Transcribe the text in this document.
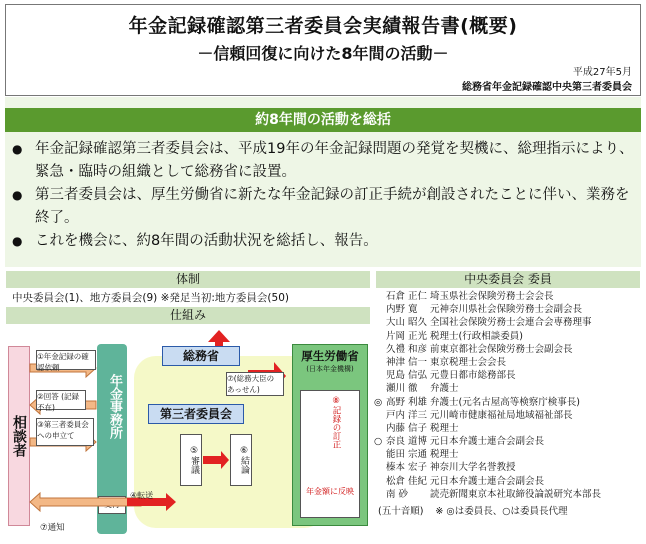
年金記録確認第三者委員会実績報告書(概要)
－信頼回復に向けた8年間の活動－
平成27年5月
総務省年金記録確認中央第三者委員会
約8年間の活動を総括
● 年金記録確認第三者委員会は、平成19年の年金記録問題の発覚を契機に、総理指示により、緊急・臨時の組織として総務省に設置。
● 第三者委員会は、厚生労働省に新たな年金記録の訂正手続が創設されたことに伴い、業務を終了。
● これを機会に、約8年間の活動状況を総括し、報告。
体制
中央委員会(1)、地方委員会(9) ※発足当初:地方委員会(50)
仕組み
中央委員会 委員
相談者	年金事務所
①年金記録の確認依頼
②回答 (記録不在)
③第三者委員会への申立て
⑦通知
④転送
総務省
⑦(総務大臣の あっせん)
第三者委員会
⑤審議	⑥結論
厚生労働省
(日本年金機構)
⑧記録の訂正
年金額に反映
石倉 正仁 埼玉県社会保険労務士会会長
内野 寛	元神奈川県社会保険労務士会副会長
大山 昭久 全国社会保険労務士会連合会専務理事
片岡 正光 税理士(行政相談委員)
久禮 和彦 前東京都社会保険労務士会副会長
神津 信一 東京税理士会会長
児島 信弘 元豊日都市総務部長
瀬川 徹	弁護士
◎ 高野 利雄 弁護士(元名古屋高等検察庁検事長)
戸内 洋三 元川崎市健康福祉局地域福祉部長
内藤 信子 税理士
○ 奈良 道博 元日本弁護士連合会副会長
能田 宗通 税理士
榛本 宏子 神奈川大学名誉教授
松倉 佳紀 元日本弁護士連合会副会長
南 砂	読売新聞東京本社取締役論説研究本部長
(五十音順) ※ ◎は委員長、○は委員長代理
